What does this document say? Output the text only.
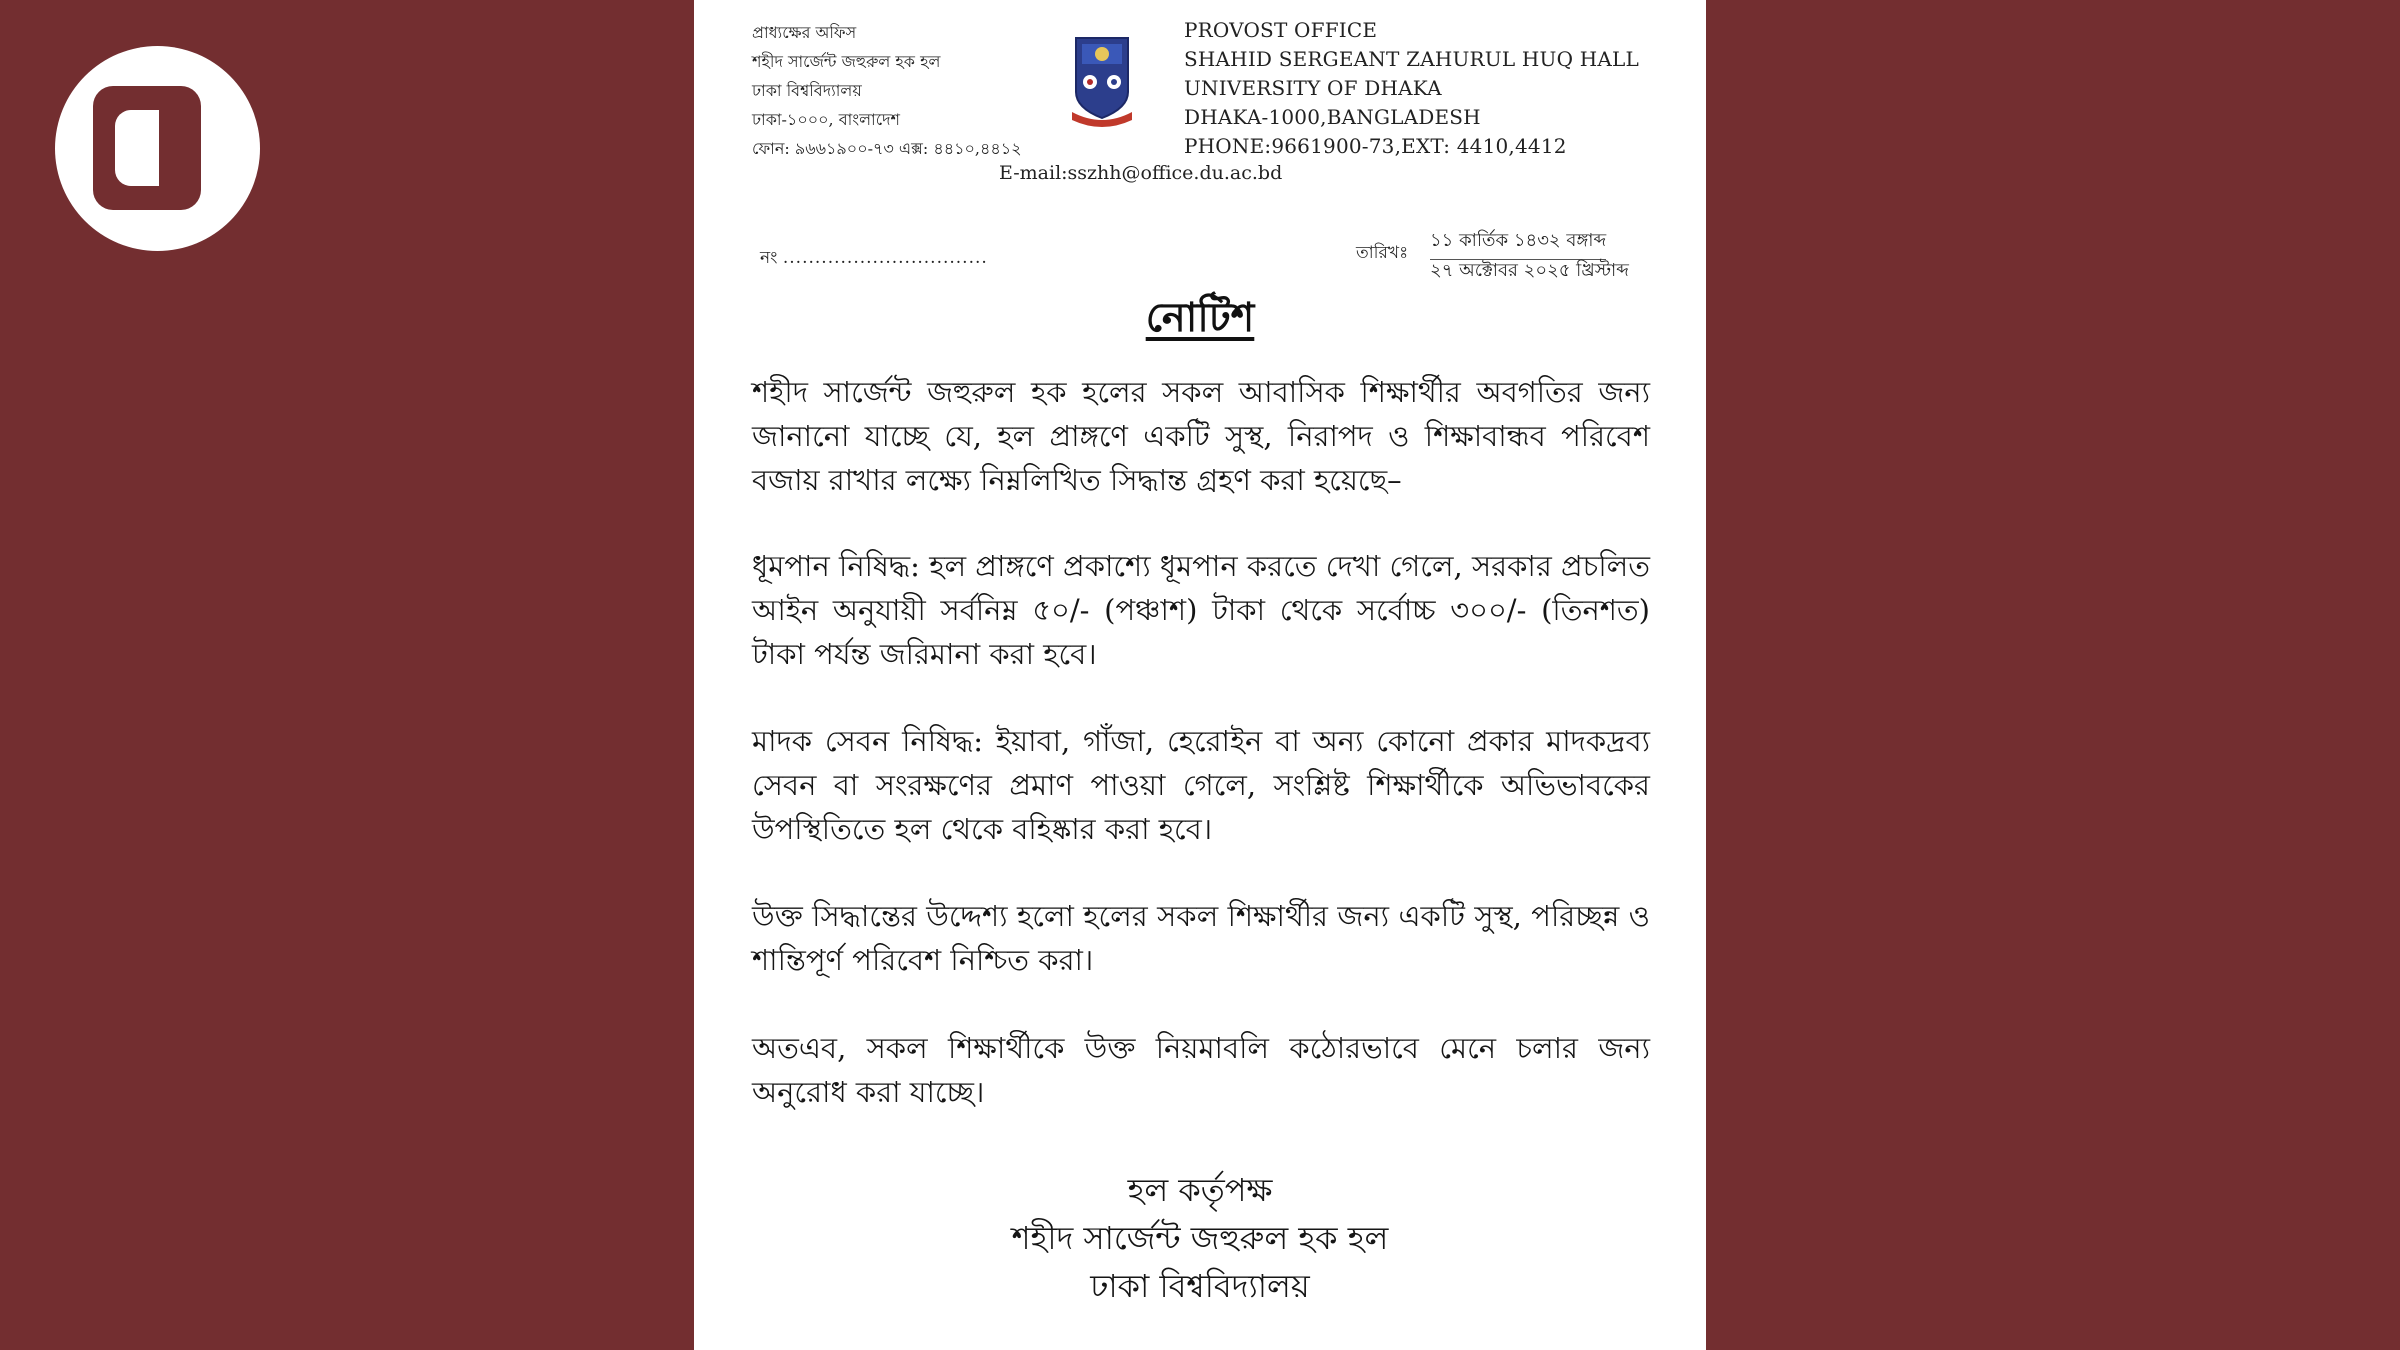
প্রাধ্যক্ষের অফিস
শহীদ সার্জেন্ট জহুরুল হক হল
ঢাকা বিশ্ববিদ্যালয়
ঢাকা-১০০০, বাংলাদেশ
ফোন: ৯৬৬১৯০০-৭৩ এক্স: ৪৪১০,৪৪১২
PROVOST OFFICE
SHAHID SERGEANT ZAHURUL HUQ HALL
UNIVERSITY OF DHAKA
DHAKA-1000,BANGLADESH
PHONE:9661900-73,EXT: 4410,4412
E-mail:sszhh@office.du.ac.bd
নং ................................	তারিখঃ
১১ কার্তিক ১৪৩২ বঙ্গাব্দ
২৭ অক্টোবর ২০২৫ খ্রিস্টাব্দ
নোটিশ
শহীদ সার্জেন্ট জহুরুল হক হলের সকল আবাসিক শিক্ষার্থীর অবগতির জন্য জানানো যাচ্ছে যে, হল প্রাঙ্গণে একটি সুস্থ, নিরাপদ ও শিক্ষাবান্ধব পরিবেশ বজায় রাখার লক্ষ্যে নিম্নলিখিত সিদ্ধান্ত গ্রহণ করা হয়েছে–
ধূমপান নিষিদ্ধ: হল প্রাঙ্গণে প্রকাশ্যে ধূমপান করতে দেখা গেলে, সরকার প্রচলিত আইন অনুযায়ী সর্বনিম্ন ৫০/- (পঞ্চাশ) টাকা থেকে সর্বোচ্চ ৩০০/- (তিনশত) টাকা পর্যন্ত জরিমানা করা হবে।
মাদক সেবন নিষিদ্ধ: ইয়াবা, গাঁজা, হেরোইন বা অন্য কোনো প্রকার মাদকদ্রব্য সেবন বা সংরক্ষণের প্রমাণ পাওয়া গেলে, সংশ্লিষ্ট শিক্ষার্থীকে অভিভাবকের উপস্থিতিতে হল থেকে বহিষ্কার করা হবে।
উক্ত সিদ্ধান্তের উদ্দেশ্য হলো হলের সকল শিক্ষার্থীর জন্য একটি সুস্থ, পরিচ্ছন্ন ও শান্তিপূর্ণ পরিবেশ নিশ্চিত করা।
অতএব, সকল শিক্ষার্থীকে উক্ত নিয়মাবলি কঠোরভাবে মেনে চলার জন্য অনুরোধ করা যাচ্ছে।
হল কর্তৃপক্ষ
শহীদ সার্জেন্ট জহুরুল হক হল
ঢাকা বিশ্ববিদ্যালয়
